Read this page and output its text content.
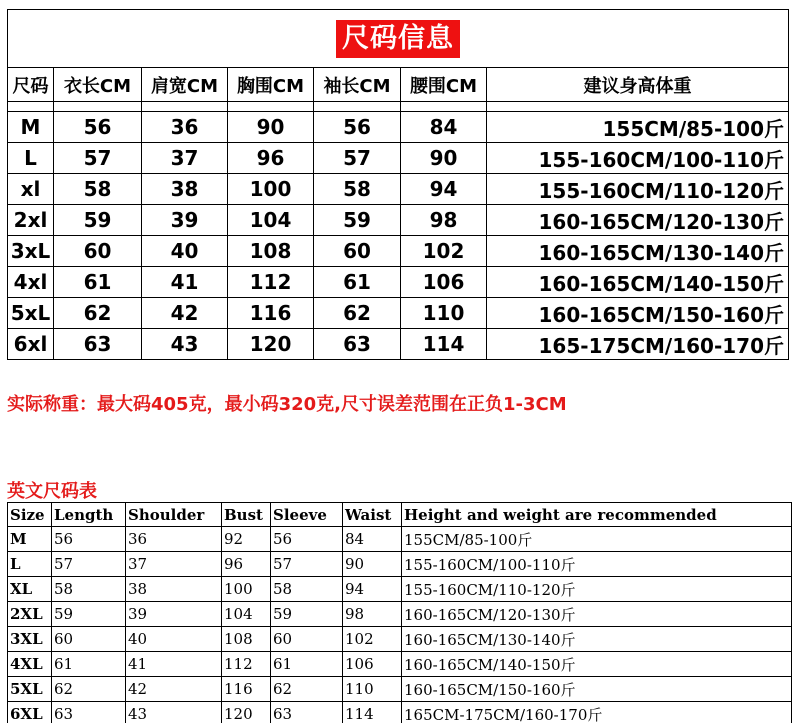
尺码信息						
尺码	衣长CM	肩宽CM	胸围CM	袖长CM	腰围CM	建议身高体重

M	56	36	90	56	84	155CM/85-100斤
L	57	37	96	57	90	155-160CM/100-110斤
xl	58	38	100	58	94	155-160CM/110-120斤
2xl	59	39	104	59	98	160-165CM/120-130斤
3xL	60	40	108	60	102	160-165CM/130-140斤
4xl	61	41	112	61	106	160-165CM/140-150斤
5xL	62	42	116	62	110	160-165CM/150-160斤
6xl	63	43	120	63	114	165-175CM/160-170斤
实际称重：最大码405克，最小码320克,尺寸误差范围在正负1-3CM
英文尺码表
Size	Length	Shoulder	Bust	Sleeve	Waist	Height and weight are recommended
M	56	36	92	56	84	155CM/85-100斤
L	57	37	96	57	90	155-160CM/100-110斤
XL	58	38	100	58	94	155-160CM/110-120斤
2XL	59	39	104	59	98	160-165CM/120-130斤
3XL	60	40	108	60	102	160-165CM/130-140斤
4XL	61	41	112	61	106	160-165CM/140-150斤
5XL	62	42	116	62	110	160-165CM/150-160斤
6XL	63	43	120	63	114	165CM-175CM/160-170斤
